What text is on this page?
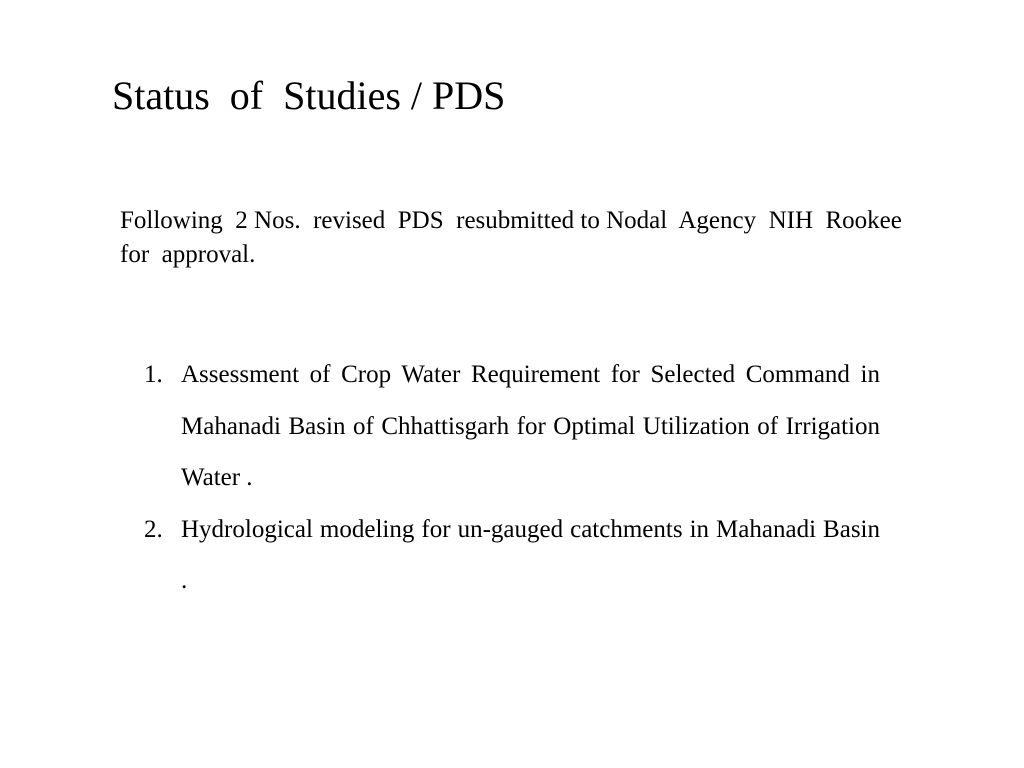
Status  of  Studies / PDS

Following  2 Nos.  revised  PDS  resubmitted to Nodal  Agency  NIH  Rookee  for  approval.

1. Assessment of Crop Water Requirement for Selected Command in Mahanadi Basin of Chhattisgarh for Optimal Utilization of Irrigation Water .
2. Hydrological modeling for un-gauged catchments in Mahanadi Basin .
